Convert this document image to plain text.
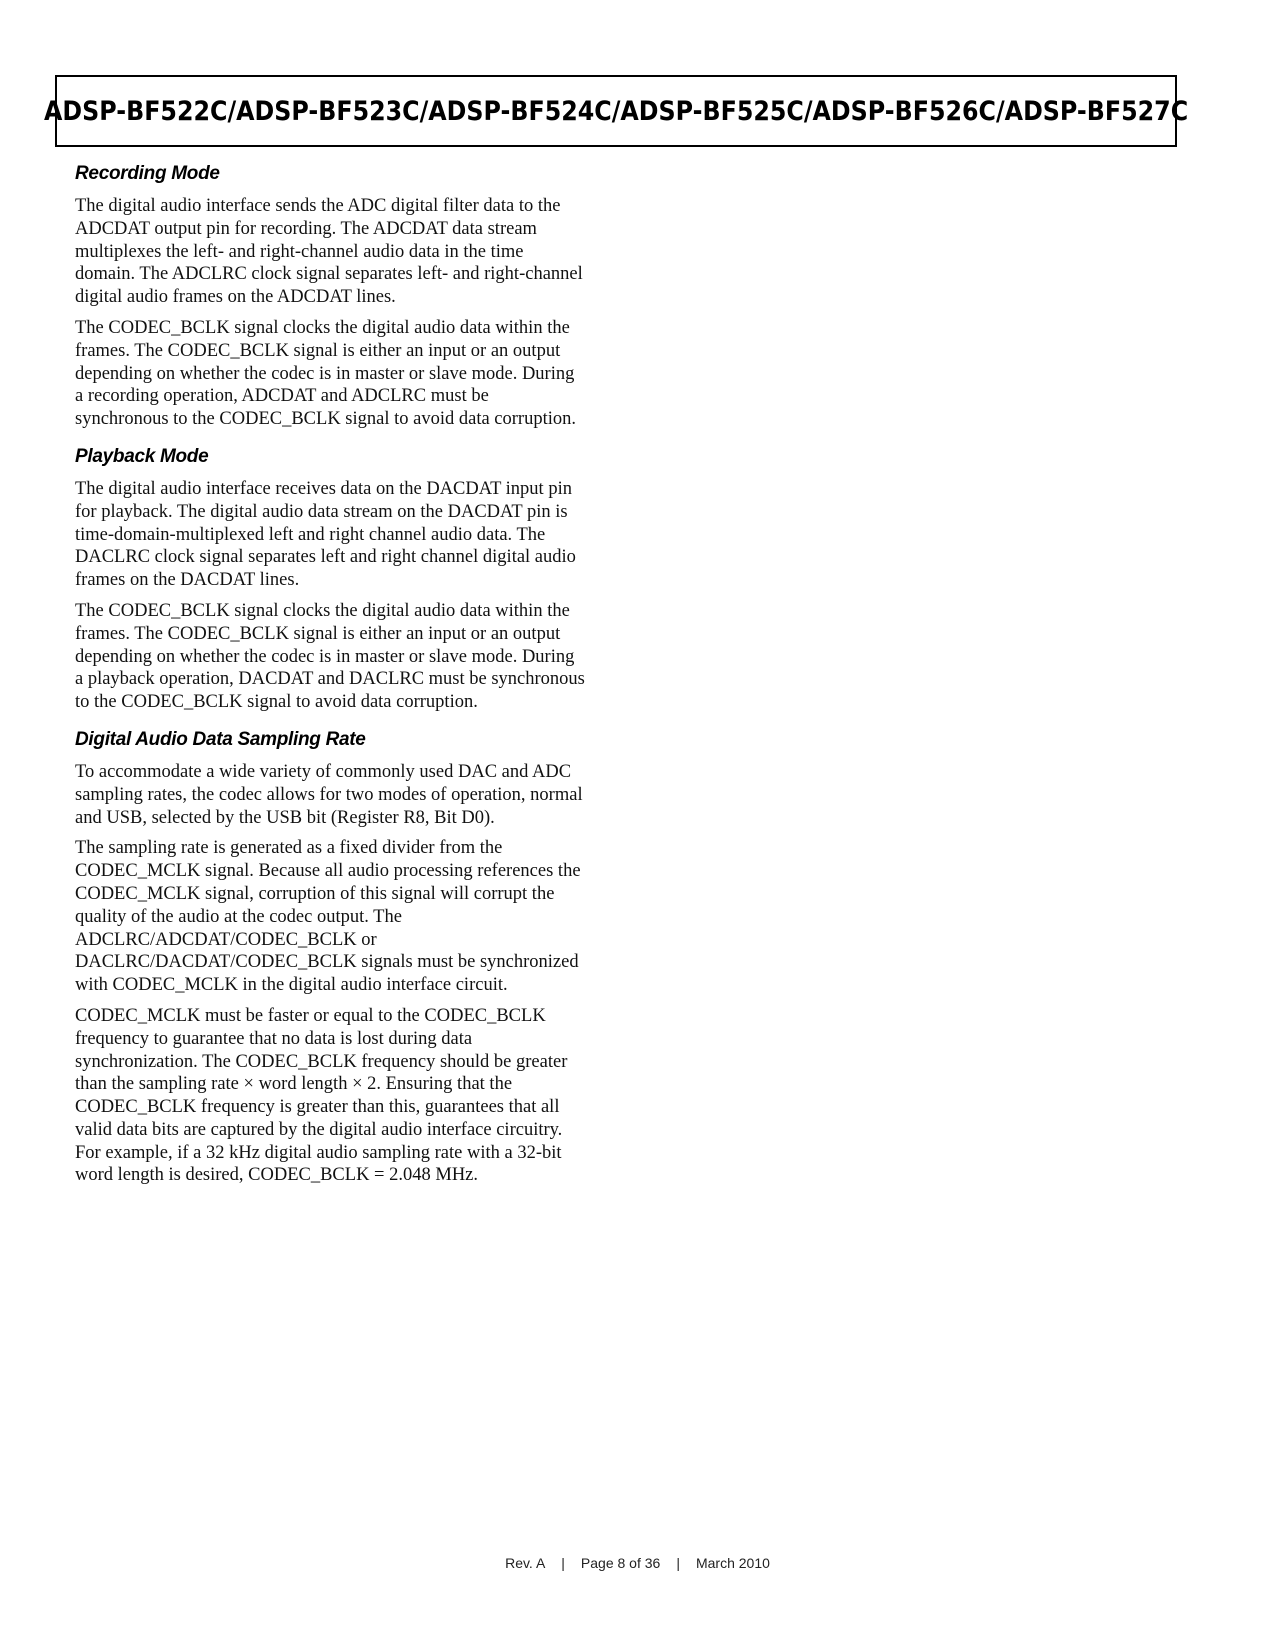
ADSP-BF522C/ADSP-BF523C/ADSP-BF524C/ADSP-BF525C/ADSP-BF526C/ADSP-BF527C
Recording Mode

The digital audio interface sends the ADC digital filter data to the ADCDAT output pin for recording. The ADCDAT data stream multiplexes the left- and right-channel audio data in the time domain. The ADCLRC clock signal separates left- and right-channel digital audio frames on the ADCDAT lines.

The CODEC_BCLK signal clocks the digital audio data within the frames. The CODEC_BCLK signal is either an input or an output depending on whether the codec is in master or slave mode. During a recording operation, ADCDAT and ADCLRC must be synchronous to the CODEC_BCLK signal to avoid data corruption.

Playback Mode

The digital audio interface receives data on the DACDAT input pin for playback. The digital audio data stream on the DACDAT pin is time-domain-multiplexed left and right channel audio data. The DACLRC clock signal separates left and right channel digital audio frames on the DACDAT lines.

The CODEC_BCLK signal clocks the digital audio data within the frames. The CODEC_BCLK signal is either an input or an output depending on whether the codec is in master or slave mode. During a playback operation, DACDAT and DACLRC must be synchronous to the CODEC_BCLK signal to avoid data corruption.

Digital Audio Data Sampling Rate

To accommodate a wide variety of commonly used DAC and ADC sampling rates, the codec allows for two modes of operation, normal and USB, selected by the USB bit (Register R8, Bit D0).

The sampling rate is generated as a fixed divider from the CODEC_MCLK signal. Because all audio processing references the CODEC_MCLK signal, corruption of this signal will corrupt the quality of the audio at the codec output. The ADCLRC/ADCDAT/CODEC_BCLK or DACLRC/DACDAT/CODEC_BCLK signals must be synchronized with CODEC_MCLK in the digital audio interface circuit.

CODEC_MCLK must be faster or equal to the CODEC_BCLK frequency to guarantee that no data is lost during data synchronization. The CODEC_BCLK frequency should be greater than the sampling rate × word length × 2. Ensuring that the CODEC_BCLK frequency is greater than this, guarantees that all valid data bits are captured by the digital audio interface circuitry. For example, if a 32 kHz digital audio sampling rate with a 32-bit word length is desired, CODEC_BCLK = 2.048 MHz.

Rev. A | Page 8 of 36 | March 2010
